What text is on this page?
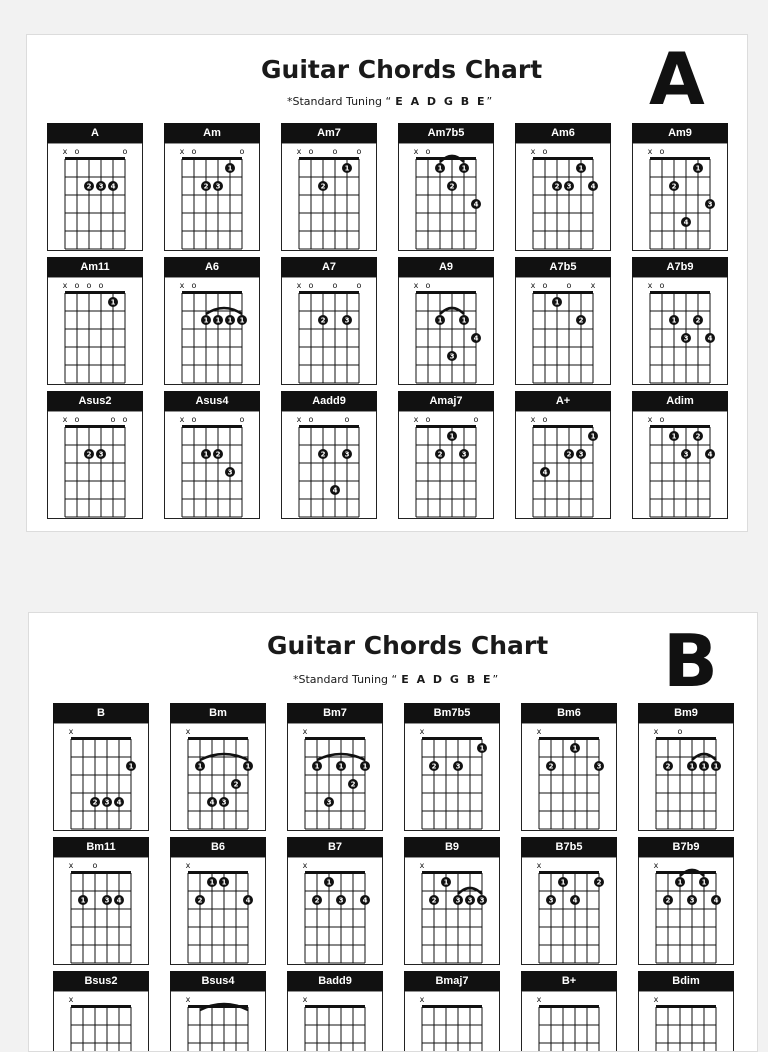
Guitar Chords Chart
*Standard Tuning “ E A D G B E” A
A
x o	o
2 3 4
Am
x o	o
2 3
1
Am7
x o o o
2
1
Am7b5
x o
1	1
2
4
Am6
x o
2 3
1
4
Am9
x o
2
1
3
4
Am11
x o o o
1
A6
x o
1 1 1 1
A7
x o o o
2	3
A9
x o
1	1
4
3
A7b5
x o o x
1
2
A7b9
x o
1	2
3	4
Asus2
x o	o o
2 3
Asus4
x o	o
1 2
3
Aadd9
x o	o
2	3
4
Amaj7
x o	o
1
2	3
A+
x o
1
2 3
4
Adim
x o
1	2
3	4
Guitar Chords Chart
*Standard Tuning “ E A D G B E” B
B
x
1
2 3 4
Bm
x
1	1
2
3
4
Bm7
x
1	1	1
2
3
Bm7b5
x
1
2	3
Bm6
x
1
2	3
Bm9
x o
2	1 1 1
Bm11
x o
1	3 4
B6
x
1 1
2	4
B7
x
1
2	3	4
B9
x
1
2	3 3 3
B7b5
x
1	2
3	4
B7b9
x
1	1
2	3	4
Bsus2
x
Bsus4
x
Badd9
x
Bmaj7
x
B+
x
Bdim
x
